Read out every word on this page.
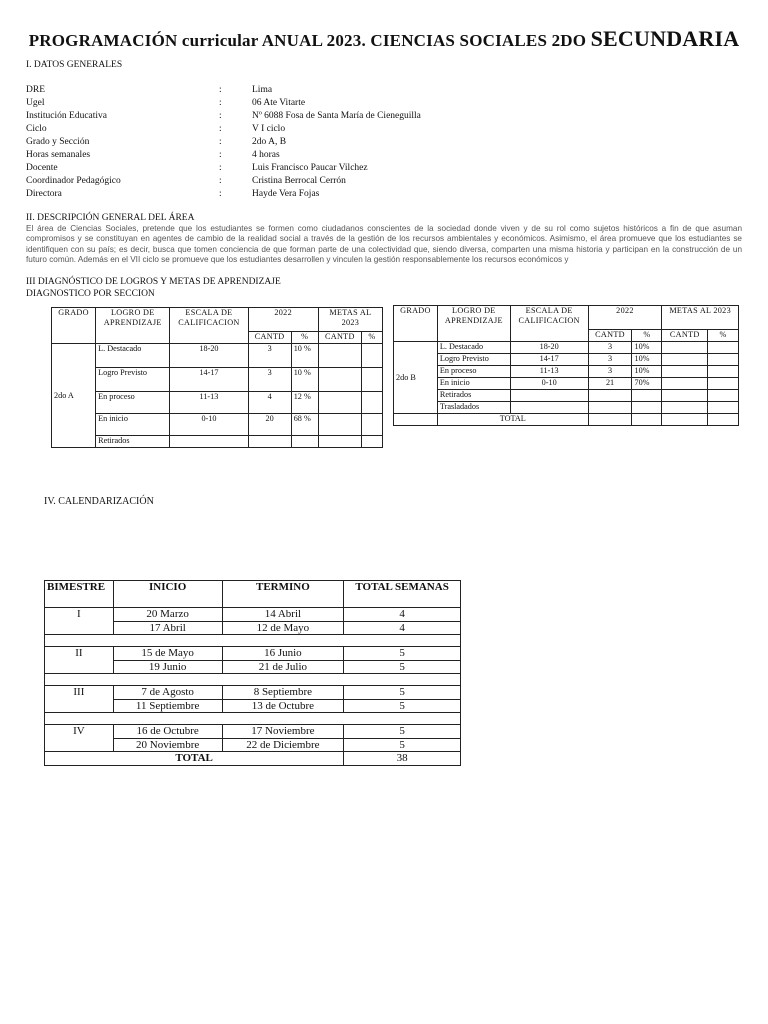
PROGRAMACIÓN curricular ANUAL 2023. CIENCIAS SOCIALES 2DO SECUNDARIA
I. DATOS GENERALES
DRE	:	Lima
Ugel	:	06 Ate Vitarte
Institución Educativa	:	Nº 6088 Fosa de Santa María de Cieneguilla
Ciclo	:	V I ciclo
Grado y Sección	:	2do A, B
Horas semanales	:	4 horas
Docente	:	Luis Francisco Paucar Vilchez
Coordinador Pedagógico	:	Cristina Berrocal Cerrón
Directora	:	Hayde Vera Fojas
II. DESCRIPCIÓN GENERAL DEL ÁREA
El área de Ciencias Sociales, pretende que los estudiantes se formen como ciudadanos conscientes de la sociedad donde viven y de su rol como sujetos históricos a fin de que asuman compromisos y se constituyan en agentes de cambio de la realidad social a través de la gestión de los recursos ambientales y económicos. Asimismo, el área promueve que los estudiantes se identifiquen con su país; es decir, busca que tomen conciencia de que forman parte de una colectividad que, siendo diversa, comparten una misma historia y participan en la construcción de un futuro común. Además en el VII ciclo se promueve que los estudiantes desarrollen y vinculen la gestión responsablemente los recursos económicos y
III DIAGNÓSTICO DE LOGROS Y METAS DE APRENDIZAJE
DIAGNOSTICO POR SECCION
GRADO	LOGRO DE APRENDIZAJE	ESCALA DE CALIFICACION	2022		METAS AL 2023	
			CANTD	%	CANTD	%
2do A	L. Destacado	18-20	3	10 %		
	Logro Previsto	14-17	3	10 %		
	En proceso	11-13	4	12 %		
	En inicio	0-10	20	68 %		
	Retirados					
GRADO	LOGRO DE APRENDIZAJE	ESCALA DE CALIFICACION	2022		METAS AL 2023	
			CANTD	%	CANTD	%
2do B	L. Destacado	18-20	3	10%		
	Logro Previsto	14-17	3	10%		
	En proceso	11-13	3	10%		
	En inicio	0-10	21	70%		
	Retirados					
	Trasladados					
	TOTAL					
IV. CALENDARIZACIÓN
BIMESTRE	INICIO	TERMINO	TOTAL SEMANAS
I	20 Marzo	14 Abril	4
	17 Abril	12 de Mayo	4

II	15 de Mayo	16 Junio	5
	19 Junio	21 de Julio	5

III	7 de Agosto	8 Septiembre	5
	11 Septiembre	13 de Octubre	5

IV	16 de Octubre	17 Noviembre	5
	20 Noviembre	22 de Diciembre	5
TOTAL			38
